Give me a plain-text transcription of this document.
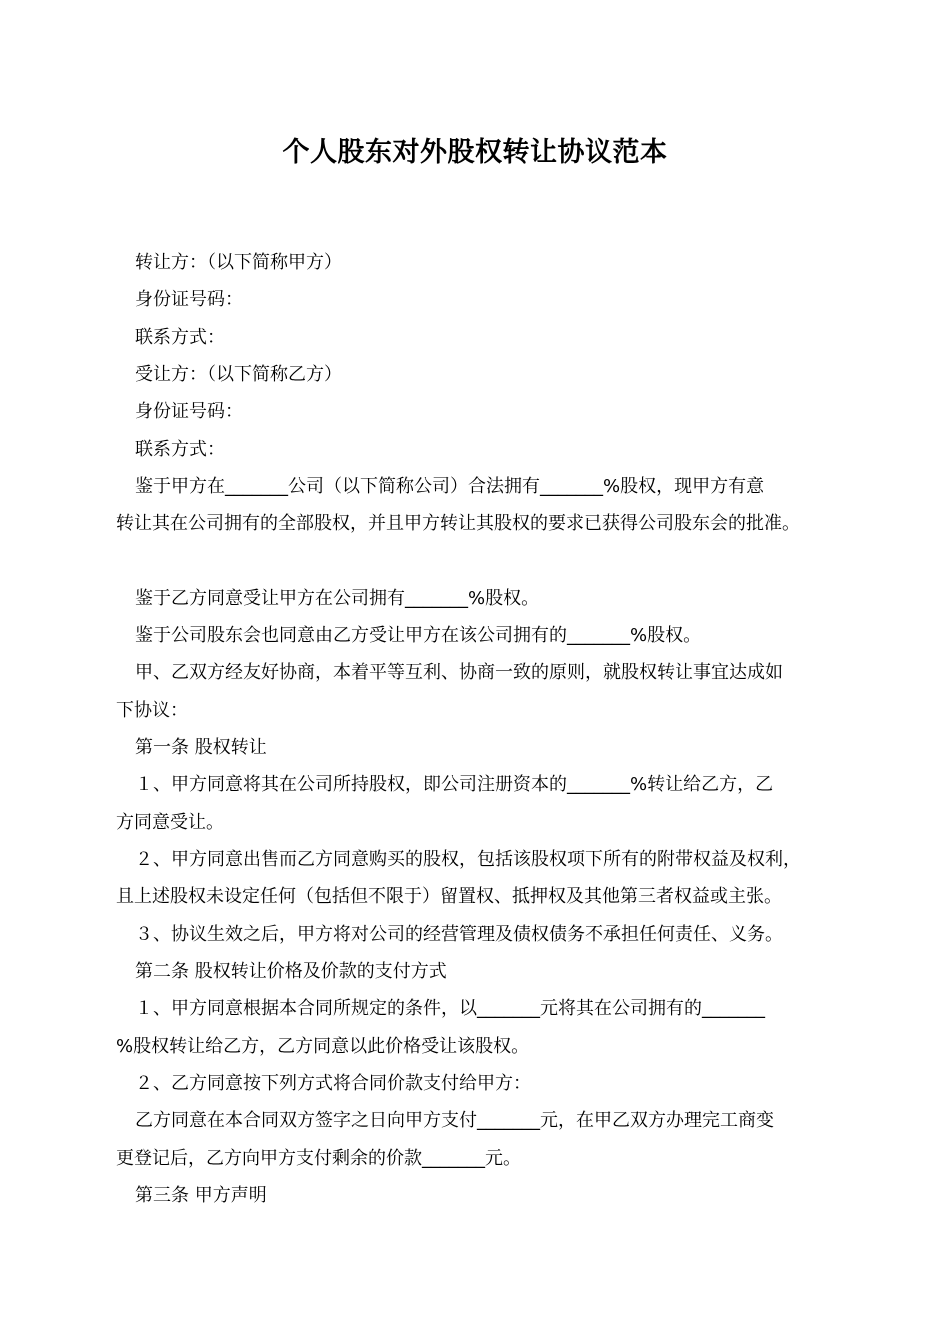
个人股东对外股权转让协议范本
转让方：（以下简称甲方）
身份证号码：
联系方式：
受让方：（以下简称乙方）
身份证号码：
联系方式：
鉴于甲方在_______公司（以下简称公司）合法拥有_______%股权，现甲方有意
转让其在公司拥有的全部股权，并且甲方转让其股权的要求已获得公司股东会的批准。
鉴于乙方同意受让甲方在公司拥有_______%股权。
鉴于公司股东会也同意由乙方受让甲方在该公司拥有的_______%股权。
甲、乙双方经友好协商，本着平等互利、协商一致的原则，就股权转让事宜达成如
下协议：
第一条 股权转让
１、甲方同意将其在公司所持股权，即公司注册资本的_______%转让给乙方，乙
方同意受让。
２、甲方同意出售而乙方同意购买的股权，包括该股权项下所有的附带权益及权利，
且上述股权未设定任何（包括但不限于）留置权、抵押权及其他第三者权益或主张。
３、协议生效之后，甲方将对公司的经营管理及债权债务不承担任何责任、义务。
第二条 股权转让价格及价款的支付方式
１、甲方同意根据本合同所规定的条件，以_______元将其在公司拥有的_______
%股权转让给乙方，乙方同意以此价格受让该股权。
２、乙方同意按下列方式将合同价款支付给甲方：
乙方同意在本合同双方签字之日向甲方支付_______元，在甲乙双方办理完工商变
更登记后，乙方向甲方支付剩余的价款_______元。
第三条 甲方声明
